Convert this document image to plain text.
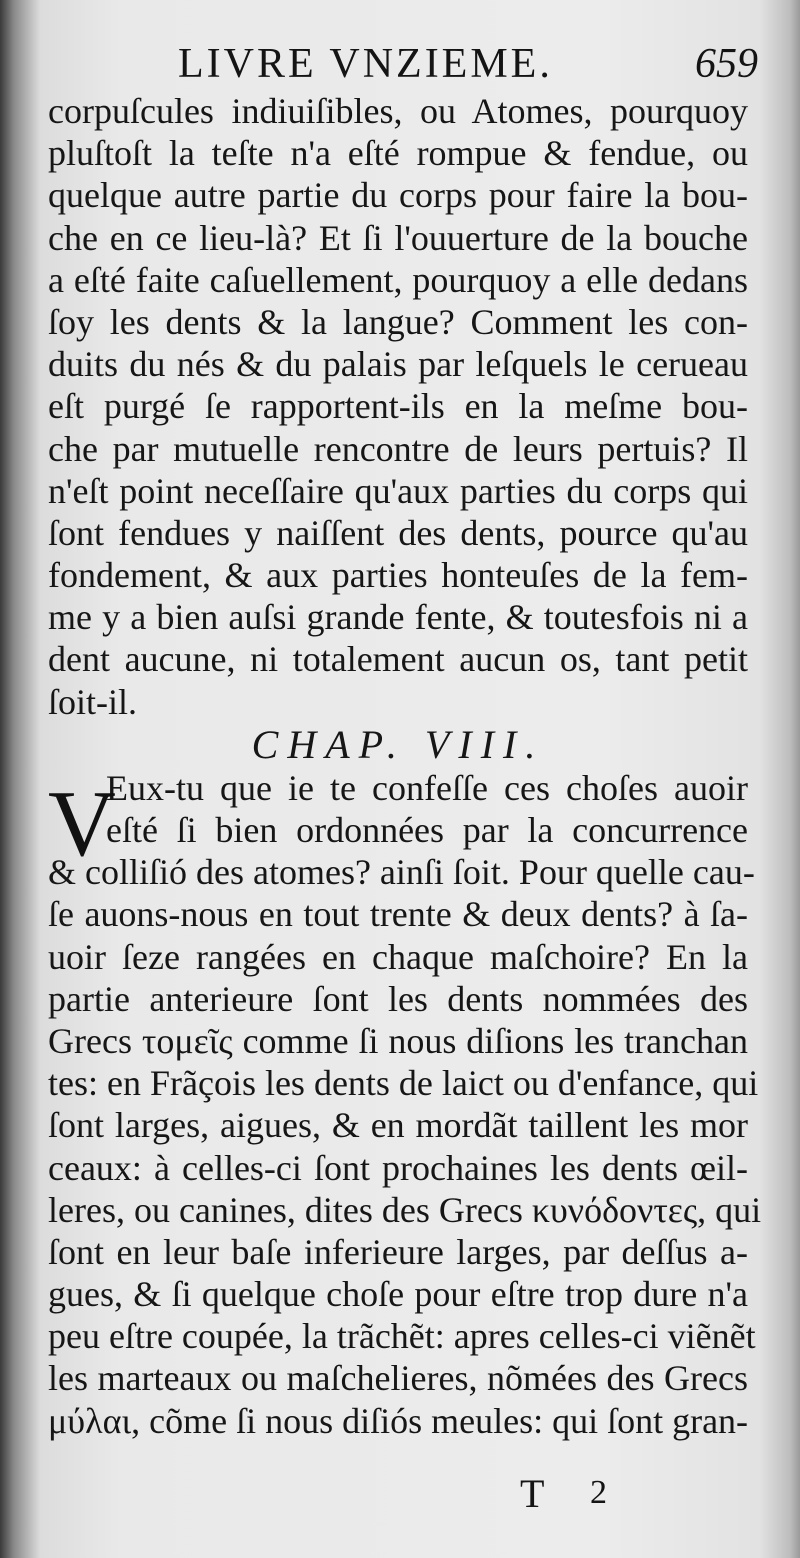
LIVRE VNZIEME.	659
corpuſcules indiuiſibles, ou Atomes, pourquoy
pluſtoſt la teſte n'a eſté rompue & fendue, ou
quelque autre partie du corps pour faire la bou-
che en ce lieu-là? Et ſi l'ouuerture de la bouche
a eſté faite caſuellement, pourquoy a elle dedans
ſoy les dents & la langue? Comment les con-
duits du nés & du palais par leſquels le cerueau
eſt purgé ſe rapportent-ils en la meſme bou-
che par mutuelle rencontre de leurs pertuis? Il
n'eſt point neceſſaire qu'aux parties du corps qui
ſont fendues y naiſſent des dents, pource qu'au
fondement, & aux parties honteuſes de la fem-
me y a bien auſsi grande fente, & toutesfois ni a
dent aucune, ni totalement aucun os, tant petit
ſoit-il.
CHAP. VIII.
Eux-tu que ie te confeſſe ces choſes auoir
eſté ſi bien ordonnées par la concurrence
& colliſió des atomes? ainſi ſoit. Pour quelle cau-
ſe auons-nous en tout trente & deux dents? à ſa-
uoir ſeze rangées en chaque maſchoire? En la
partie anterieure ſont les dents nommées des
Grecs τομεῖς comme ſi nous diſions les tranchan
tes: en Frãçois les dents de laict ou d'enfance, qui
ſont larges, aigues, & en mordãt taillent les mor
ceaux: à celles-ci ſont prochaines les dents œil-
leres, ou canines, dites des Grecs κυνόδοντες, qui
ſont en leur baſe inferieure larges, par deſſus a-
gues, & ſi quelque choſe pour eſtre trop dure n'a
peu eſtre coupée, la trãchẽt: apres celles-ci viẽnẽt
les marteaux ou maſchelieres, nõmées des Grecs
μύλαι, cõme ſi nous diſiós meules: qui ſont gran-
V
T 2
